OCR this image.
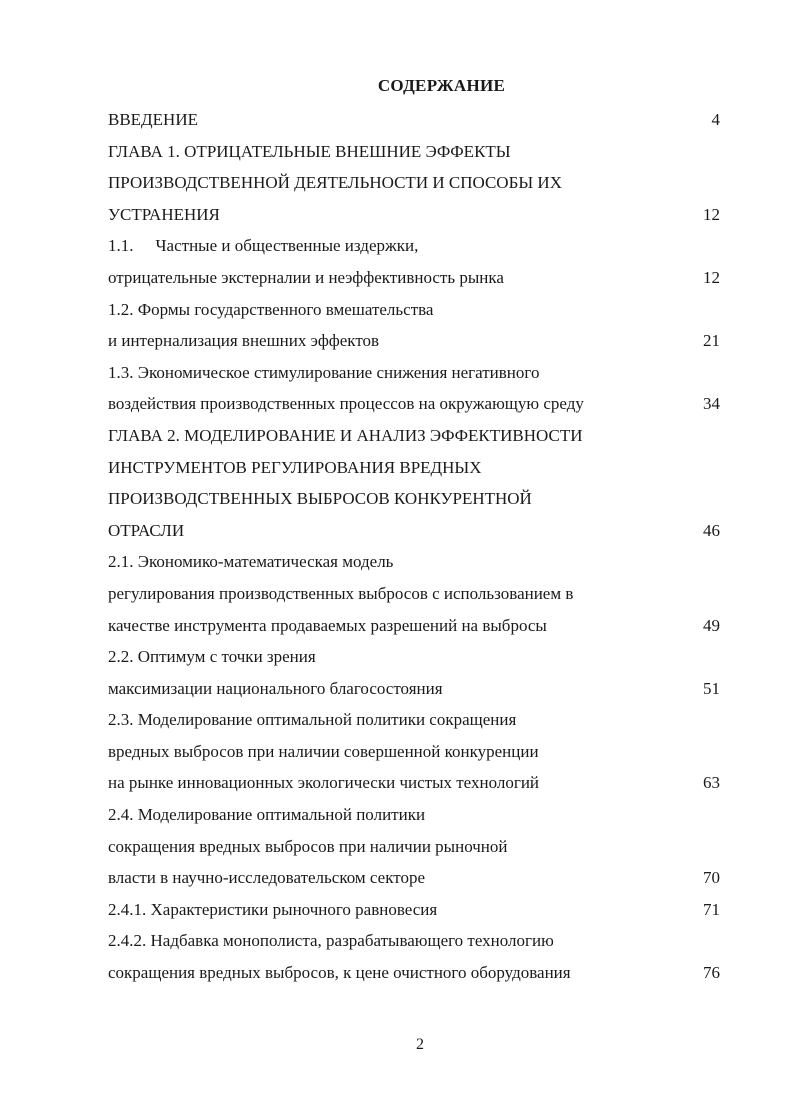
СОДЕРЖАНИЕ
ВВЕДЕНИЕ	4
ГЛАВА 1. ОТРИЦАТЕЛЬНЫЕ ВНЕШНИЕ ЭФФЕКТЫ
ПРОИЗВОДСТВЕННОЙ ДЕЯТЕЛЬНОСТИ И СПОСОБЫ ИХ
УСТРАНЕНИЯ	12
1.1. Частные и общественные издержки,
отрицательные экстерналии и неэффективность рынка	12
1.2. Формы государственного вмешательства
и интернализация внешних эффектов	21
1.3. Экономическое стимулирование снижения негативного
воздействия производственных процессов на окружающую среду	34
ГЛАВА 2. МОДЕЛИРОВАНИЕ И АНАЛИЗ ЭФФЕКТИВНОСТИ
ИНСТРУМЕНТОВ РЕГУЛИРОВАНИЯ ВРЕДНЫХ
ПРОИЗВОДСТВЕННЫХ ВЫБРОСОВ КОНКУРЕНТНОЙ
ОТРАСЛИ	46
2.1. Экономико-математическая модель
регулирования производственных выбросов с использованием в
качестве инструмента продаваемых разрешений на выбросы	49
2.2. Оптимум с точки зрения
максимизации национального благосостояния	51
2.3. Моделирование оптимальной политики сокращения
вредных выбросов при наличии совершенной конкуренции
на рынке инновационных экологически чистых технологий	63
2.4. Моделирование оптимальной политики
сокращения вредных выбросов при наличии рыночной
власти в научно-исследовательском секторе	70
2.4.1. Характеристики рыночного равновесия	71
2.4.2. Надбавка монополиста, разрабатывающего технологию
сокращения вредных выбросов, к цене очистного оборудования	76
2
